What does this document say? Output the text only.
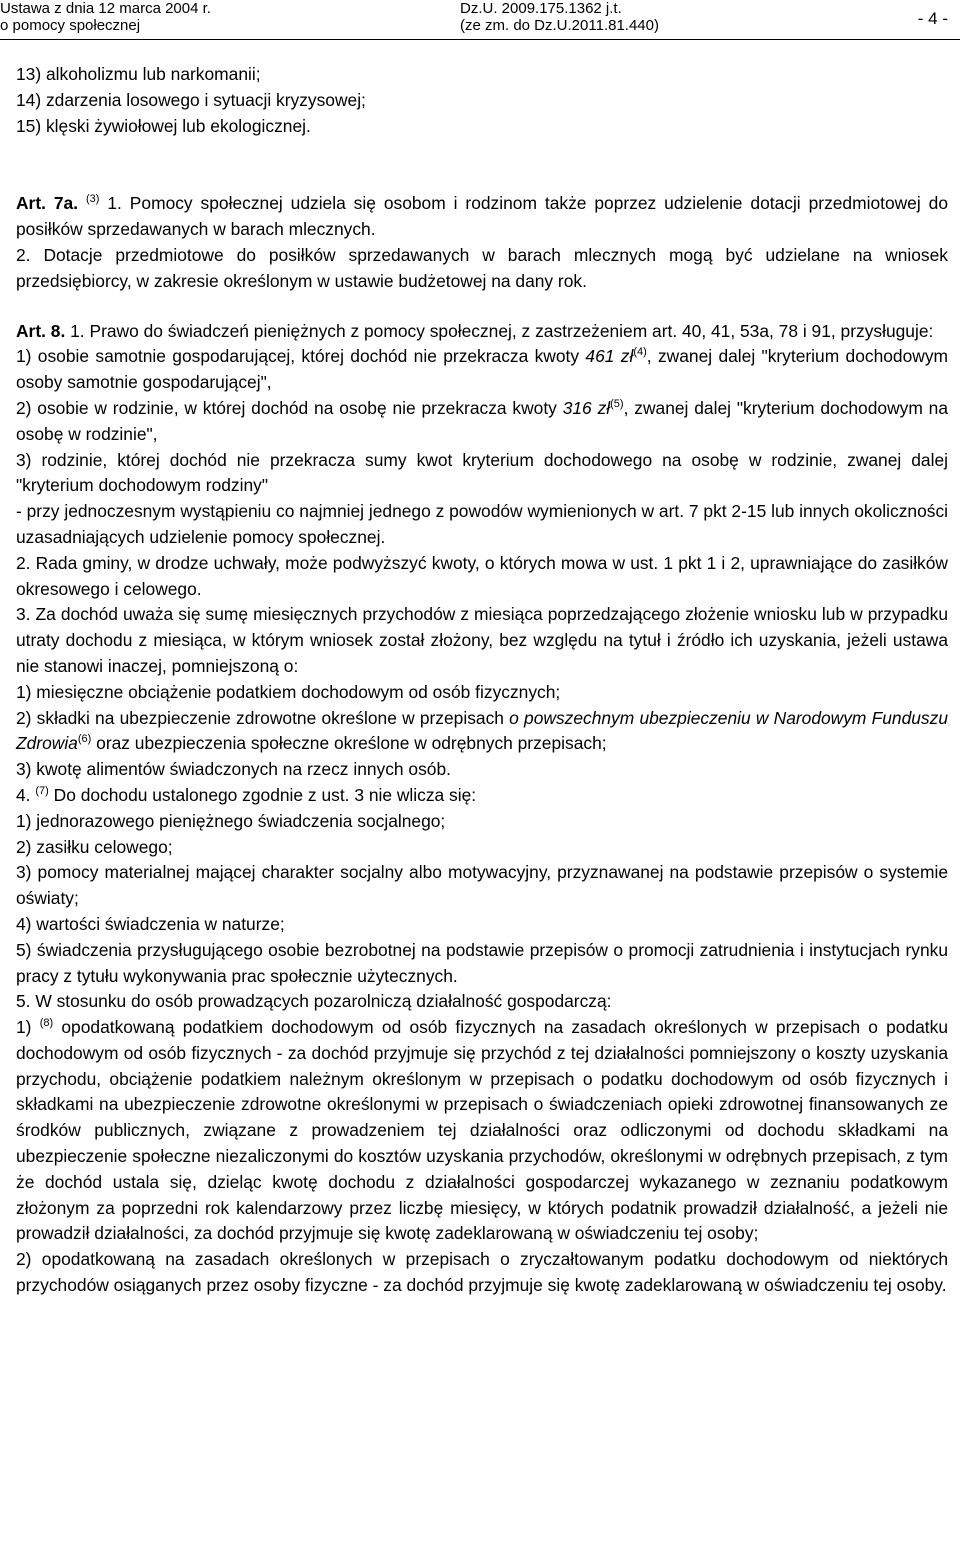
Ustawa z dnia 12 marca 2004 r.
o pomocy społecznej
Dz.U. 2009.175.1362 j.t.
(ze zm. do Dz.U.2011.81.440)	- 4 -

13) alkoholizmu lub narkomanii;

14) zdarzenia losowego i sytuacji kryzysowej;

15) klęski żywiołowej lub ekologicznej.

Art. 7a. $^{(3)}$ 1. Pomocy społecznej udziela się osobom i rodzinom także poprzez udzielenie dotacji przedmiotowej do posiłków sprzedawanych w barach mlecznych.

2. Dotacje przedmiotowe do posiłków sprzedawanych w barach mlecznych mogą być udzielane na wniosek przedsiębiorcy, w zakresie określonym w ustawie budżetowej na dany rok.

Art. 8. 1. Prawo do świadczeń pieniężnych z pomocy społecznej, z zastrzeżeniem art. 40, 41, 53a, 78 i 91, przysługuje:

1) osobie samotnie gospodarującej, której dochód nie przekracza kwoty 461 $zł^{(4)}$, zwanej dalej "kryterium dochodowym osoby samotnie gospodarującej",

2) osobie w rodzinie, w której dochód na osobę nie przekracza kwoty 316 $zł^{(5)}$, zwanej dalej "kryterium dochodowym na osobę w rodzinie",

3) rodzinie, której dochód nie przekracza sumy kwot kryterium dochodowego na osobę w rodzinie, zwanej dalej "kryterium dochodowym rodziny"

- przy jednoczesnym wystąpieniu co najmniej jednego z powodów wymienionych w art. 7 pkt 2-15 lub innych okoliczności uzasadniających udzielenie pomocy społecznej.

2. Rada gminy, w drodze uchwały, może podwyższyć kwoty, o których mowa w ust. 1 pkt 1 i 2, uprawniające do zasiłków okresowego i celowego.

3. Za dochód uważa się sumę miesięcznych przychodów z miesiąca poprzedzającego złożenie wniosku lub w przypadku utraty dochodu z miesiąca, w którym wniosek został złożony, bez względu na tytuł i źródło ich uzyskania, jeżeli ustawa nie stanowi inaczej, pomniejszoną o:

1) miesięczne obciążenie podatkiem dochodowym od osób fizycznych;

2) składki na ubezpieczenie zdrowotne określone w przepisach o powszechnym ubezpieczeniu w Narodowym Funduszu Zdrowia$^{(6)}$ oraz ubezpieczenia społeczne określone w odrębnych przepisach;

3) kwotę alimentów świadczonych na rzecz innych osób.

4. $^{(7)}$ Do dochodu ustalonego zgodnie z ust. 3 nie wlicza się:

1) jednorazowego pieniężnego świadczenia socjalnego;

2) zasiłku celowego;

3) pomocy materialnej mającej charakter socjalny albo motywacyjny, przyznawanej na podstawie przepisów o systemie oświaty;

4) wartości świadczenia w naturze;

5) świadczenia przysługującego osobie bezrobotnej na podstawie przepisów o promocji zatrudnienia i instytucjach rynku pracy z tytułu wykonywania prac społecznie użytecznych.

5. W stosunku do osób prowadzących pozarolniczą działalność gospodarczą:

1) $^{(8)}$ opodatkowaną podatkiem dochodowym od osób fizycznych na zasadach określonych w przepisach o podatku dochodowym od osób fizycznych - za dochód przyjmuje się przychód z tej działalności pomniejszony o koszty uzyskania przychodu, obciążenie podatkiem należnym określonym w przepisach o podatku dochodowym od osób fizycznych i składkami na ubezpieczenie zdrowotne określonymi w przepisach o świadczeniach opieki zdrowotnej finansowanych ze środków publicznych, związane z prowadzeniem tej działalności oraz odliczonymi od dochodu składkami na ubezpieczenie społeczne niezaliczonymi do kosztów uzyskania przychodów, określonymi w odrębnych przepisach, z tym że dochód ustala się, dzieląc kwotę dochodu z działalności gospodarczej wykazanego w zeznaniu podatkowym złożonym za poprzedni rok kalendarzowy przez liczbę miesięcy, w których podatnik prowadził działalność, a jeżeli nie prowadził działalności, za dochód przyjmuje się kwotę zadeklarowaną w oświadczeniu tej osoby;

2) opodatkowaną na zasadach określonych w przepisach o zryczałtowanym podatku dochodowym od niektórych przychodów osiąganych przez osoby fizyczne - za dochód przyjmuje się kwotę zadeklarowaną w oświadczeniu tej osoby.
